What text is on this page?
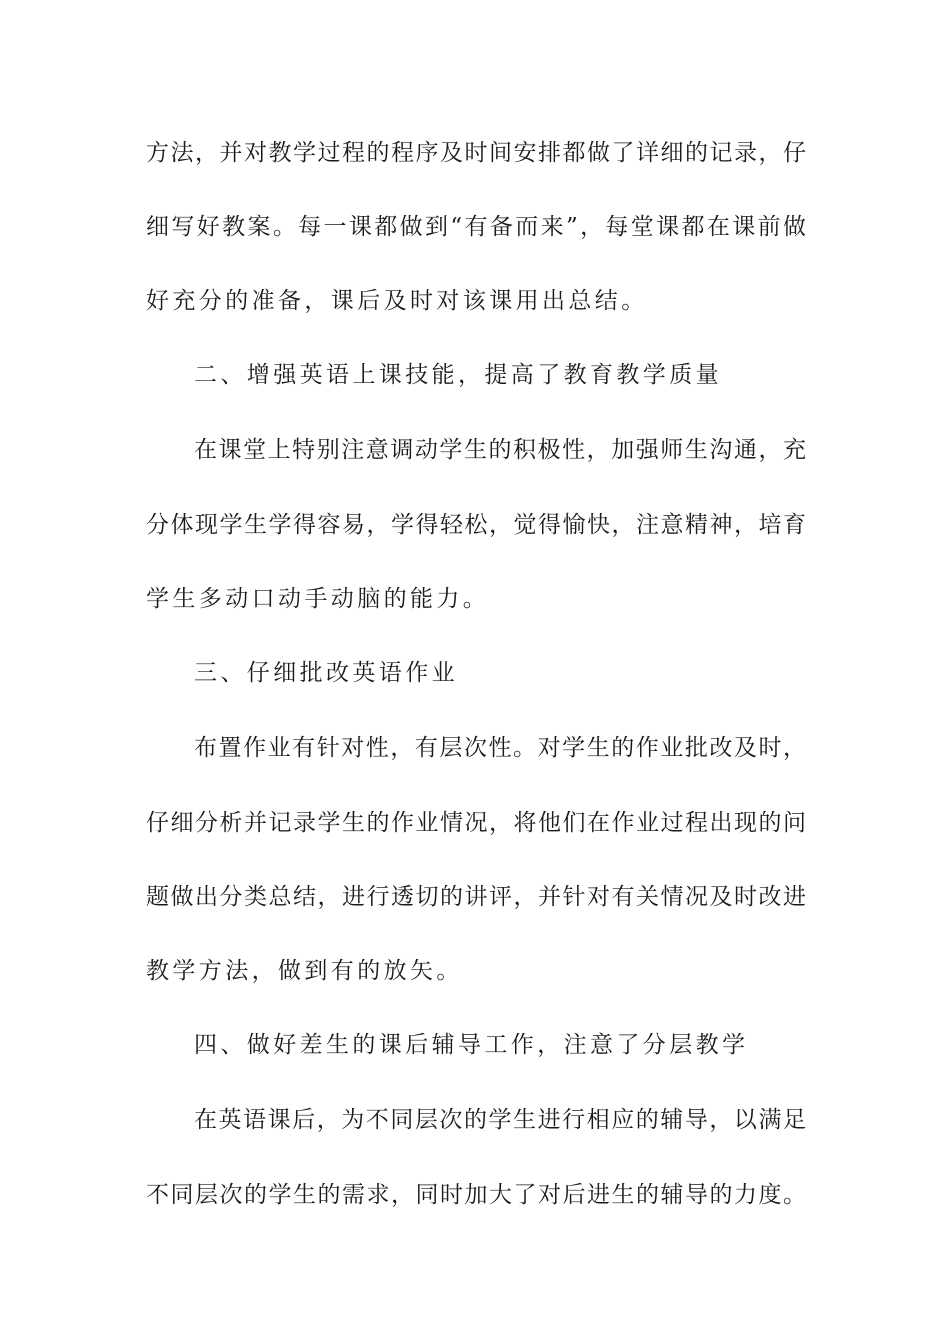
方法，并对教学过程的程序及时间安排都做了详细的记录，仔
细写好教案。每一课都做到“有备而来”，每堂课都在课前做
好充分的准备，课后及时对该课用出总结。
二、增强英语上课技能，提高了教育教学质量
在课堂上特别注意调动学生的积极性，加强师生沟通，充
分体现学生学得容易，学得轻松，觉得愉快，注意精神，培育
学生多动口动手动脑的能力。
三、仔细批改英语作业
布置作业有针对性，有层次性。对学生的作业批改及时，
仔细分析并记录学生的作业情况，将他们在作业过程出现的问
题做出分类总结，进行透切的讲评，并针对有关情况及时改进
教学方法，做到有的放矢。
四、做好差生的课后辅导工作，注意了分层教学
在英语课后，为不同层次的学生进行相应的辅导，以满足
不同层次的学生的需求，同时加大了对后进生的辅导的力度。
